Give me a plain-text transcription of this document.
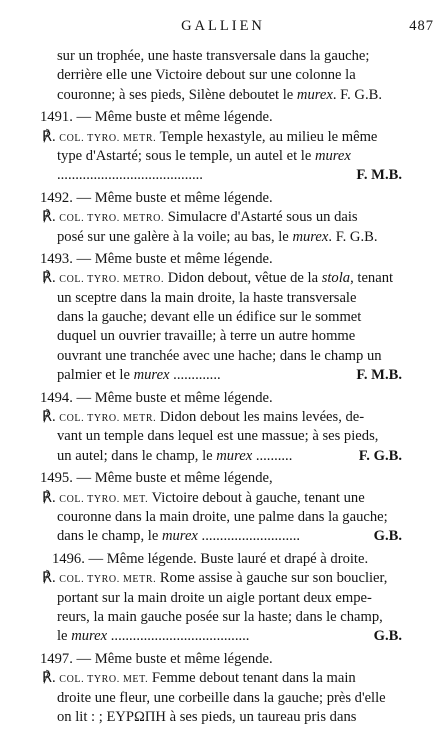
GALLIEN	487
sur un trophée, une haste transversale dans la gauche;
derrière elle une Victoire debout sur une colonne la
couronne; à ses pieds, Silène deboutet le murex. F. G.B.
1491. — Même buste et même légende.
℟. COL. TYRO. METR. Temple hexastyle, au milieu le même
type d'Astarté; sous le temple, un autel et le murex
........................................	F. M.B.
1492. — Même buste et même légende.
℟. COL. TYRO. METRO. Simulacre d'Astarté sous un dais
posé sur une galère à la voile; au bas, le murex. F. G.B.
1493. — Même buste et même légende.
℟. COL. TYRO. METRO. Didon debout, vêtue de la stola, tenant
un sceptre dans la main droite, la haste transversale
dans la gauche; devant elle un édifice sur le sommet
duquel un ouvrier travaille; à terre un autre homme
ouvrant une tranchée avec une hache; dans le champ un
palmier et le murex .............	F. M.B.
1494. — Même buste et même légende.
℟. COL. TYRO. METR. Didon debout les mains levées, de-
vant un temple dans lequel est une massue; à ses pieds,
un autel; dans le champ, le murex ..........	F. G.B.
1495. — Même buste et même légende,
℟. COL. TYRO. MET. Victoire debout à gauche, tenant une
couronne dans la main droite, une palme dans la gauche;
dans le champ, le murex ...........................	G.B.
1496. — Même légende. Buste lauré et drapé à droite.
℟. COL. TYRO. METR. Rome assise à gauche sur son bouclier,
portant sur la main droite un aigle portant deux empe-
reurs, la main gauche posée sur la haste; dans le champ,
le murex ......................................	G.B.
1497. — Même buste et même légende.
℟. COL. TYRO. MET. Femme debout tenant dans la main
droite une fleur, une corbeille dans la gauche; près d'elle
on lit : ; ΕΥΡΩΠΗ à ses pieds, un taureau pris dans
